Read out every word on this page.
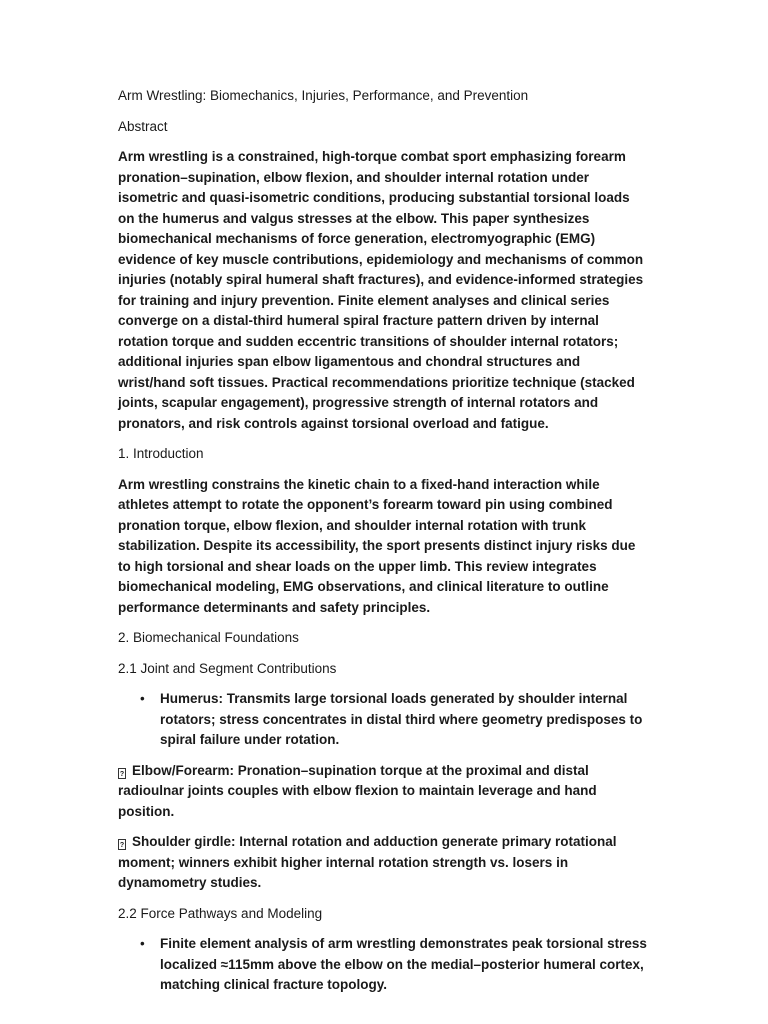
Arm Wrestling: Biomechanics, Injuries, Performance, and Prevention

Abstract

Arm wrestling is a constrained, high-torque combat sport emphasizing forearm pronation–supination, elbow flexion, and shoulder internal rotation under isometric and quasi-isometric conditions, producing substantial torsional loads on the humerus and valgus stresses at the elbow. This paper synthesizes biomechanical mechanisms of force generation, electromyographic (EMG) evidence of key muscle contributions, epidemiology and mechanisms of common injuries (notably spiral humeral shaft fractures), and evidence-informed strategies for training and injury prevention. Finite element analyses and clinical series converge on a distal-third humeral spiral fracture pattern driven by internal rotation torque and sudden eccentric transitions of shoulder internal rotators; additional injuries span elbow ligamentous and chondral structures and wrist/hand soft tissues. Practical recommendations prioritize technique (stacked joints, scapular engagement), progressive strength of internal rotators and pronators, and risk controls against torsional overload and fatigue.

1. Introduction

Arm wrestling constrains the kinetic chain to a fixed-hand interaction while athletes attempt to rotate the opponent’s forearm toward pin using combined pronation torque, elbow flexion, and shoulder internal rotation with trunk stabilization. Despite its accessibility, the sport presents distinct injury risks due to high torsional and shear loads on the upper limb. This review integrates biomechanical modeling, EMG observations, and clinical literature to outline performance determinants and safety principles.

2. Biomechanical Foundations

2.1 Joint and Segment Contributions

• Humerus: Transmits large torsional loads generated by shoulder internal rotators; stress concentrates in distal third where geometry predisposes to spiral failure under rotation.

? Elbow/Forearm: Pronation–supination torque at the proximal and distal radioulnar joints couples with elbow flexion to maintain leverage and hand position.

? Shoulder girdle: Internal rotation and adduction generate primary rotational moment; winners exhibit higher internal rotation strength vs. losers in dynamometry studies.

2.2 Force Pathways and Modeling

• Finite element analysis of arm wrestling demonstrates peak torsional stress localized ≈115mm above the elbow on the medial–posterior humeral cortex, matching clinical fracture topology.
